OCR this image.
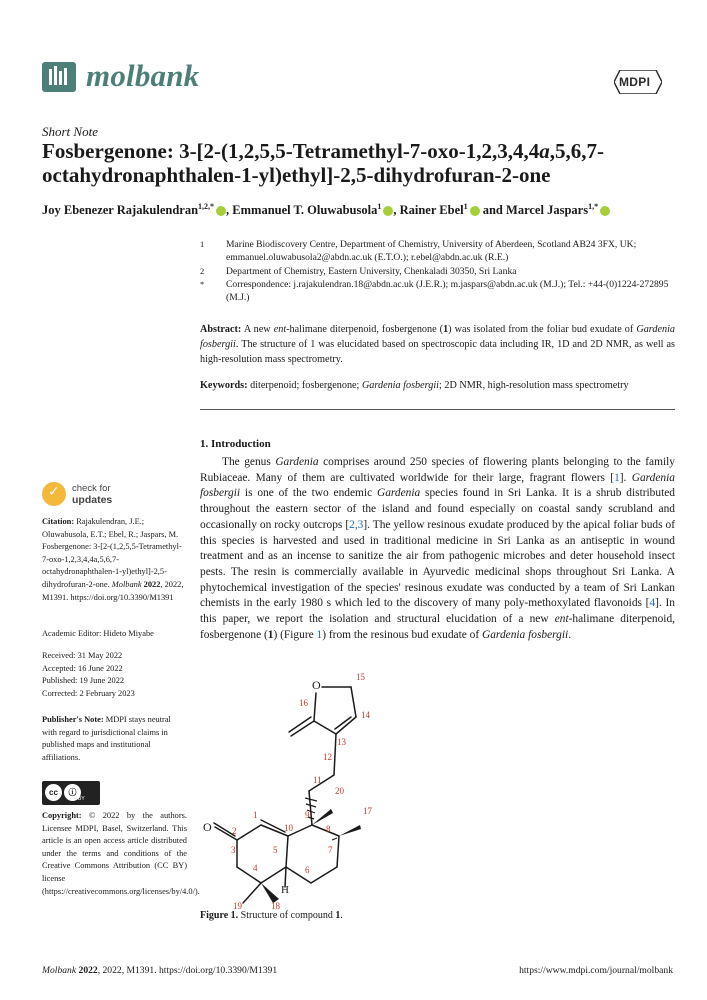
molbank	MDPI
Short Note
Fosbergenone: 3-[2-(1,2,5,5-Tetramethyl-7-oxo-1,2,3,4,4a,5,6,7-octahydronaphthalen-1-yl)ethyl]-2,5-dihydrofuran-2-one
Joy Ebenezer Rajakulendran$^{1,2,*}$ , Emmanuel T. Oluwabusola$^1$ , Rainer Ebel$^1$ and Marcel Jaspars$^{1,*}$
1	Marine Biodiscovery Centre, Department of Chemistry, University of Aberdeen, Scotland AB24 3FX, UK; emmanuel.oluwabusola2@abdn.ac.uk (E.T.O.); r.ebel@abdn.ac.uk (R.E.)
2	Department of Chemistry, Eastern University, Chenkaladi 30350, Sri Lanka
*	Correspondence: j.rajakulendran.18@abdn.ac.uk (J.E.R.); m.jaspars@abdn.ac.uk (M.J.); Tel.: +44-(0)1224-272895 (M.J.)
Abstract: A new ent-halimane diterpenoid, fosbergenone (1) was isolated from the foliar bud exudate of Gardenia fosbergii. The structure of 1 was elucidated based on spectroscopic data including IR, 1D and 2D NMR, as well as high-resolution mass spectrometry.
Keywords: diterpenoid; fosbergenone; Gardenia fosbergii; 2D NMR, high-resolution mass spectrometry
1. Introduction

The genus Gardenia comprises around 250 species of flowering plants belonging to the family Rubiaceae. Many of them are cultivated worldwide for their large, fragrant flowers [1]. Gardenia fosbergii is one of the two endemic Gardenia species found in Sri Lanka. It is a shrub distributed throughout the eastern sector of the island and found especially on coastal sandy scrubland and occasionally on rocky outcrops [2,3]. The yellow resinous exudate produced by the apical foliar buds of this species is harvested and used in traditional medicine in Sri Lanka as an antiseptic in wound treatment and as an incense to sanitize the air from pathogenic microbes and deter household insect pests. The resin is commercially available in Ayurvedic medicinal shops throughout Sri Lanka. A phytochemical investigation of the species' resinous exudate was conducted by a team of Sri Lankan chemists in the early 1980 s which led to the discovery of many poly-methoxylated flavonoids [4]. In this paper, we report the isolation and structural elucidation of a new ent-halimane diterpenoid, fosbergenone (1) (Figure 1) from the resinous bud exudate of Gardenia fosbergii.

✓ check for
updates
Citation: Rajakulendran, J.E.; Oluwabusola, E.T.; Ebel, R.; Jaspars, M. Fosbergenone: 3-[2-(1,2,5,5-Tetramethyl-7-oxo-1,2,3,4,4a,5,6,7-octahydronaphthalen-1-yl)ethyl]-2,5-dihydrofuran-2-one. Molbank 2022, 2022, M1391. https://doi.org/10.3390/M1391
Academic Editor: Hideto Miyabe
Received: 31 May 2022
Accepted: 16 June 2022
Published: 19 June 2022
Corrected: 2 February 2023
Publisher's Note: MDPI stays neutral with regard to jurisdictional claims in published maps and institutional affiliations.
cc	ⓘ
BY
Copyright: © 2022 by the authors. Licensee MDPI, Basel, Switzerland. This article is an open access article distributed under the terms and conditions of the Creative Commons Attribution (CC BY) license (https://creativecommons.org/licenses/by/4.0/).
O
O
H
15
16
14
13
12
11
20
17
1	9
8
2	10
3	5	7
4	6
19	18
Figure 1. Structure of compound 1.
Molbank 2022, 2022, M1391. https://doi.org/10.3390/M1391	https://www.mdpi.com/journal/molbank
